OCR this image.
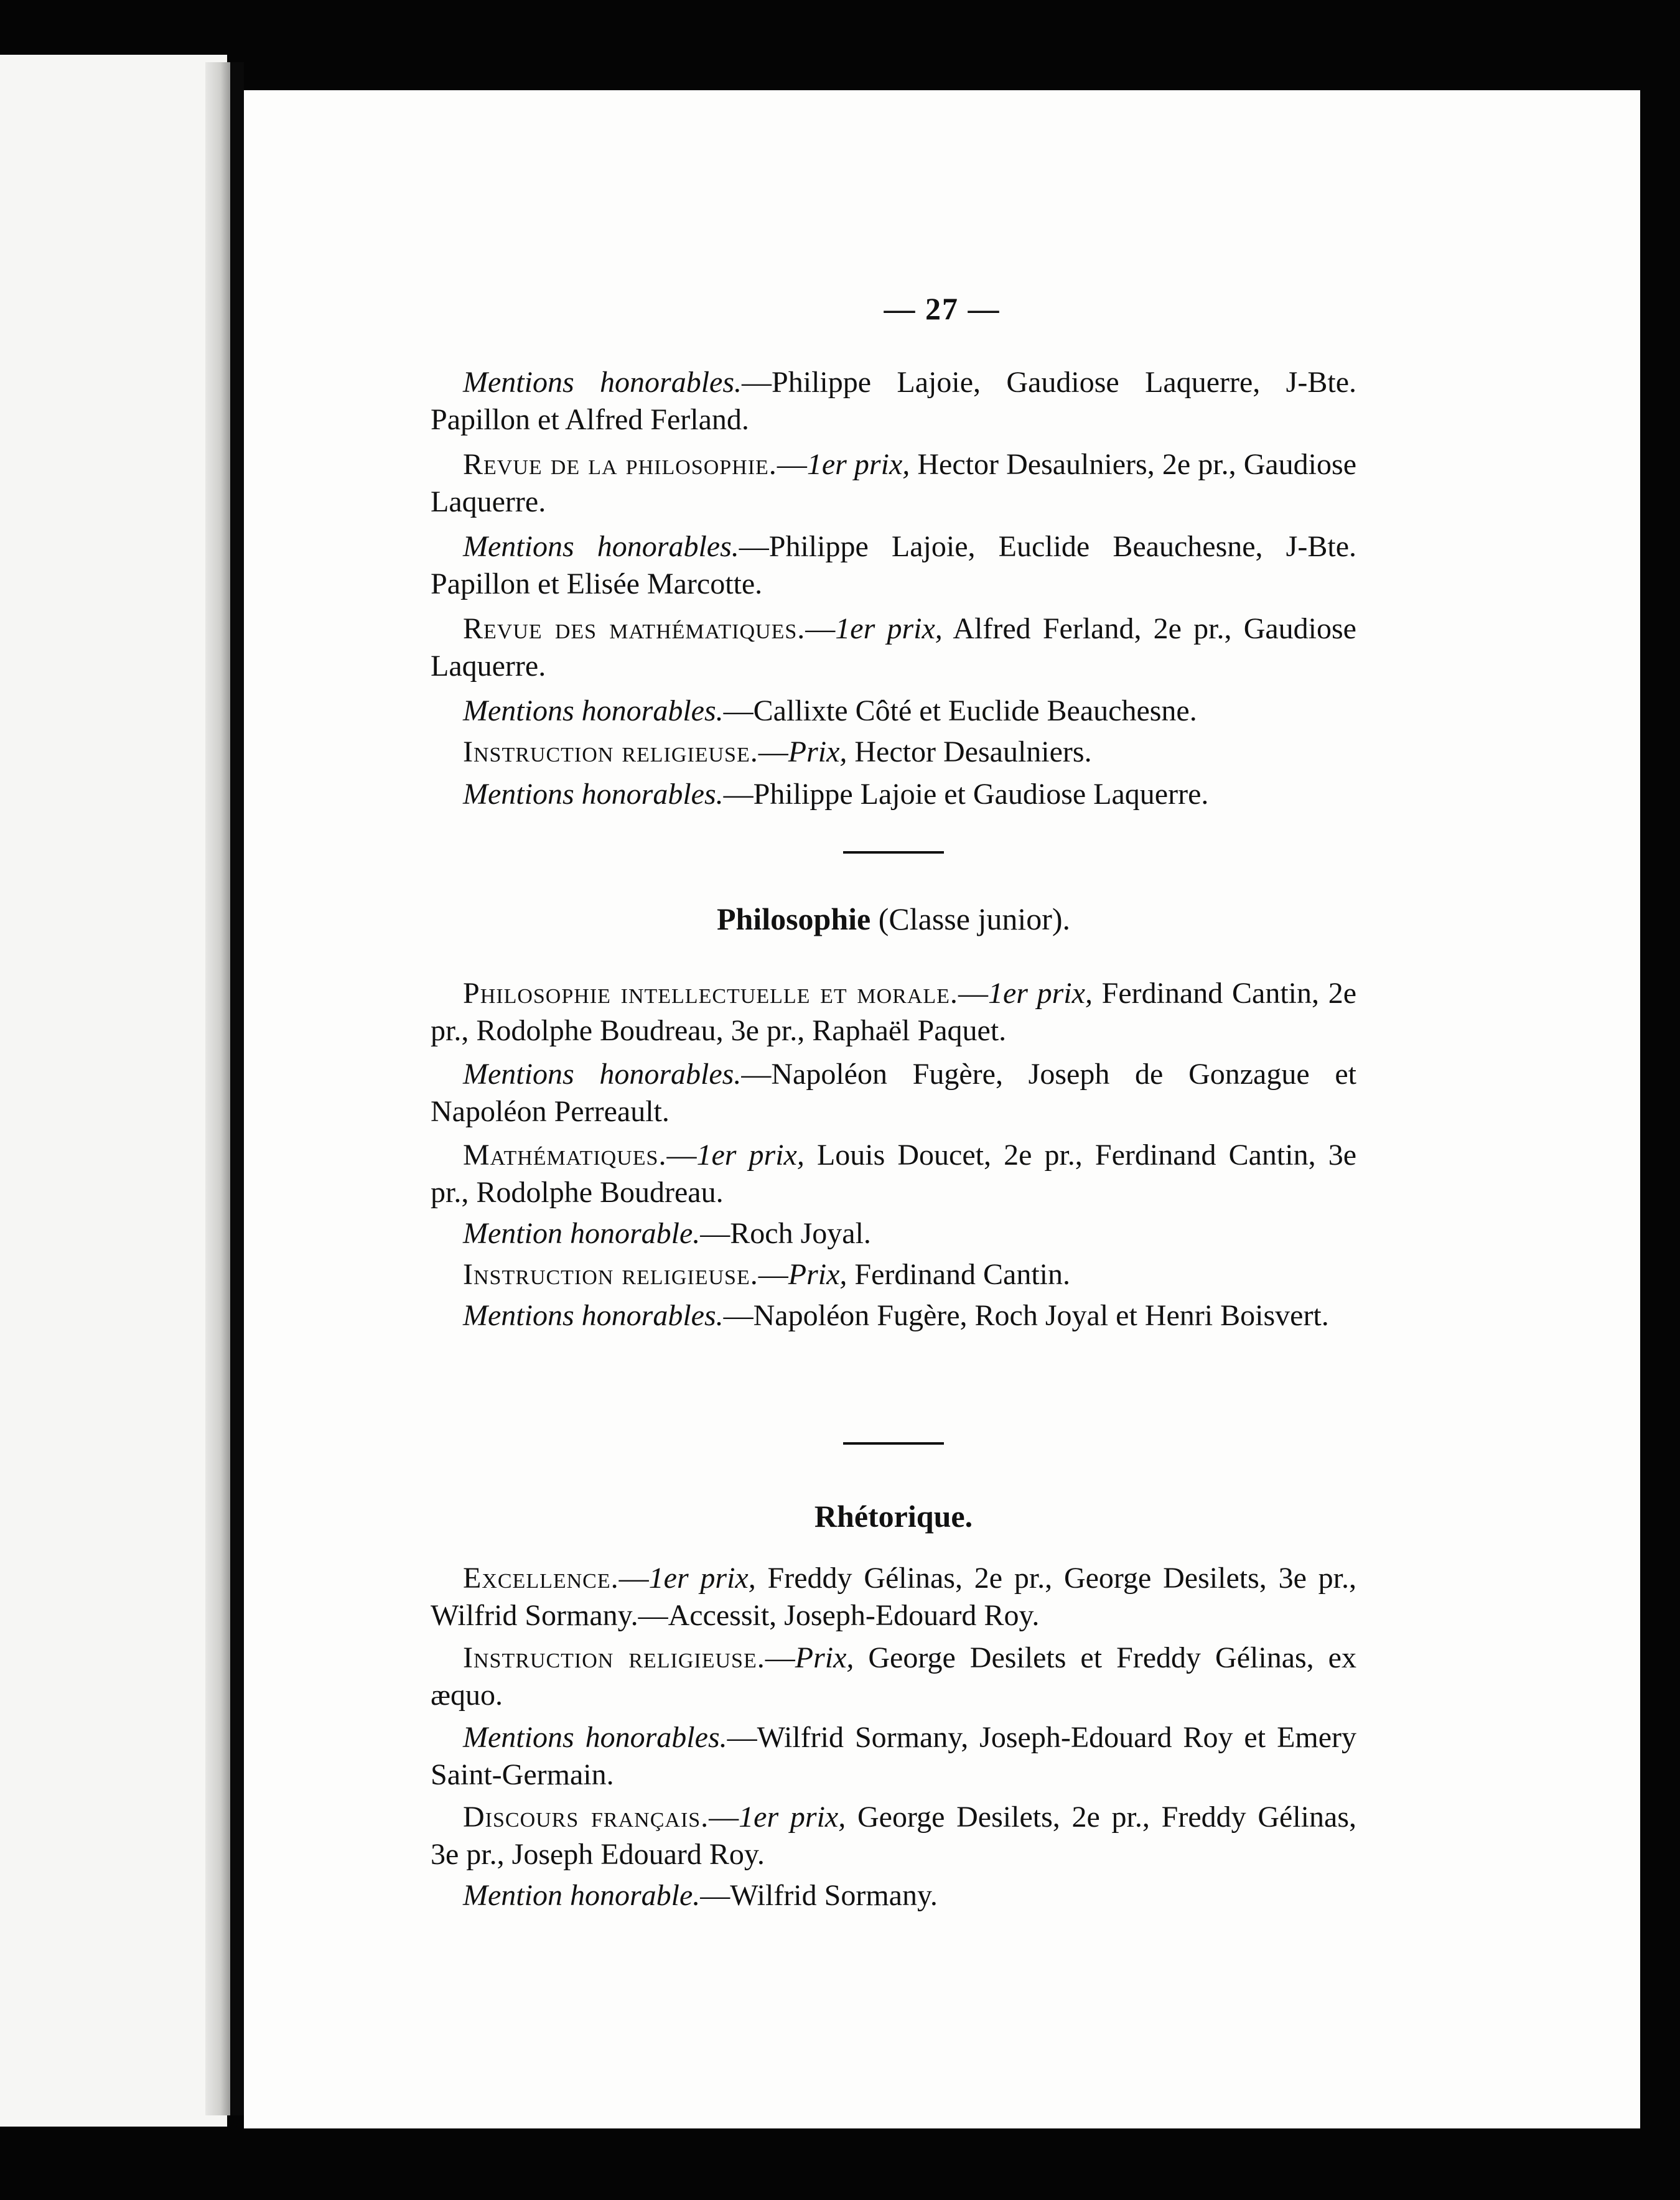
— 27 —

Mentions honorables.—Philippe Lajoie, Gaudiose Laquerre, J-Bte. Papillon et Alfred Ferland.

Revue de la philosophie.—1er prix, Hector Desaulniers, 2e pr., Gaudiose Laquerre.

Mentions honorables.—Philippe Lajoie, Euclide Beauchesne, J-Bte. Papillon et Elisée Marcotte.

Revue des mathématiques.—1er prix, Alfred Ferland, 2e pr., Gaudiose Laquerre.

Mentions honorables.—Callixte Côté et Euclide Beauchesne.

Instruction religieuse.—Prix, Hector Desaulniers.

Mentions honorables.—Philippe Lajoie et Gaudiose Laquerre.

Philosophie (Classe junior).

Philosophie intellectuelle et morale.—1er prix, Ferdinand Cantin, 2e pr., Rodolphe Boudreau, 3e pr., Raphaël Paquet.

Mentions honorables.—Napoléon Fugère, Joseph de Gonzague et Napoléon Perreault.

Mathématiques.—1er prix, Louis Doucet, 2e pr., Ferdinand Cantin, 3e pr., Rodolphe Boudreau.

Mention honorable.—Roch Joyal.

Instruction religieuse.—Prix, Ferdinand Cantin.

Mentions honorables.—Napoléon Fugère, Roch Joyal et Henri Boisvert.

Rhétorique.

Excellence.—1er prix, Freddy Gélinas, 2e pr., George Desilets, 3e pr., Wilfrid Sormany.—Accessit, Joseph-Edouard Roy.

Instruction religieuse.—Prix, George Desilets et Freddy Gélinas, ex æquo.

Mentions honorables.—Wilfrid Sormany, Joseph-Edouard Roy et Emery Saint-Germain.

Discours français.—1er prix, George Desilets, 2e pr., Freddy Gélinas, 3e pr., Joseph Edouard Roy.

Mention honorable.—Wilfrid Sormany.
